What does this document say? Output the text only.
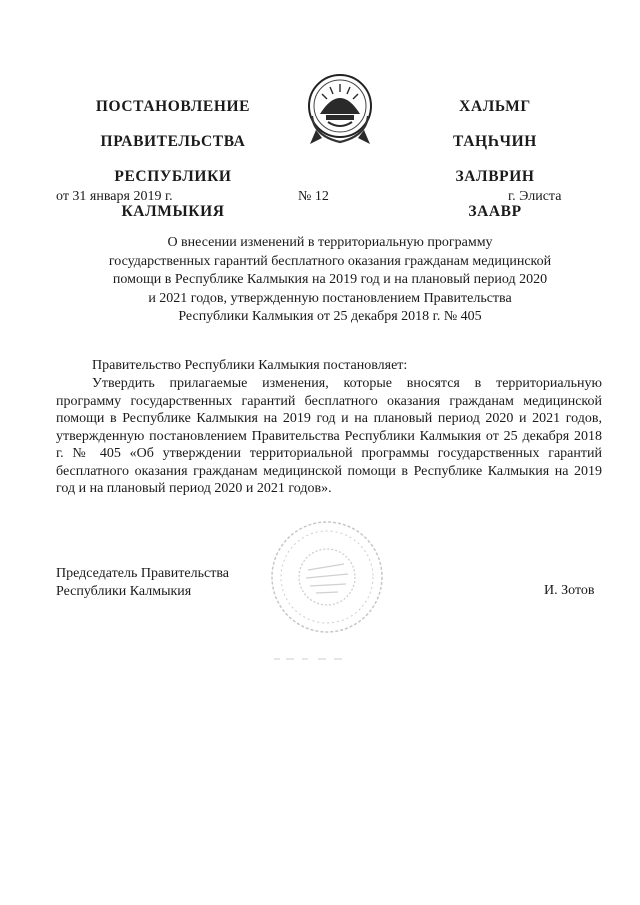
ПОСТАНОВЛЕНИЕ

ПРАВИТЕЛЬСТВА

РЕСПУБЛИКИ

КАЛМЫКИЯ

ХАЛЬМГ

ТАҢҺЧИН

ЗАЛВРИН

ЗААВР

от 31 января 2019 г.	№ 12	г. Элиста
О внесении изменений в территориальную программу
государственных гарантий бесплатного оказания гражданам медицинской
помощи в Республике Калмыкия на 2019 год и на плановый период 2020
и 2021 годов, утвержденную постановлением Правительства
Республики Калмыкия от 25 декабря 2018 г. № 405
Правительство Республики Калмыкия постановляет:
Утвердить прилагаемые изменения, которые вносятся в территориальную программу государственных гарантий бесплатного оказания гражданам медицинской помощи в Республике Калмыкия на 2019 год и на плановый период 2020 и 2021 годов, утвержденную постановлением Правительства Республики Калмыкия от 25 декабря 2018 г. № 405 «Об утверждении территориальной программы государственных гарантий бесплатного оказания гражданам медицинской помощи в Республике Калмыкия на 2019 год и на плановый период 2020 и 2021 годов».
Председатель Правительства
Республики Калмыкия	И. Зотов
